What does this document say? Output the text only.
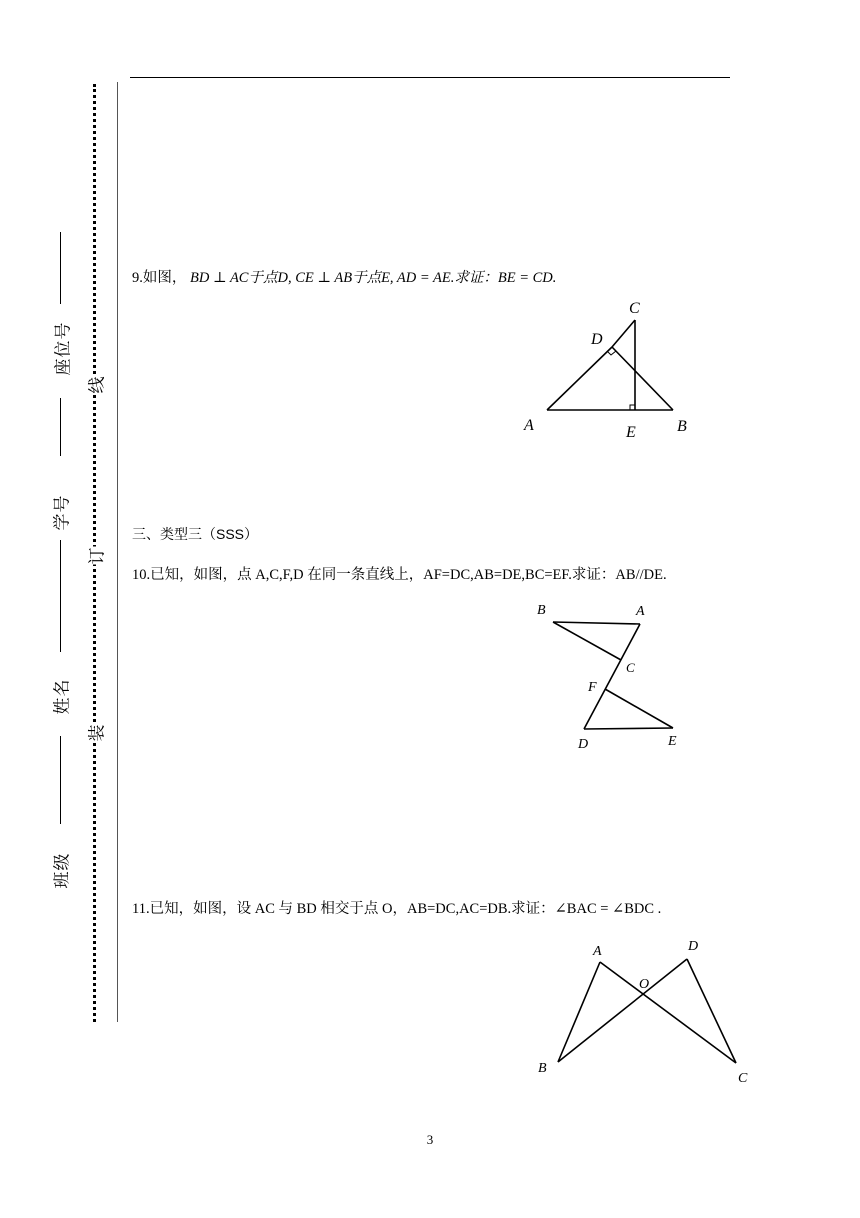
座位号
学号
姓名
班级
线
订
装
9.如图， BD ⊥ AC于点D, CE ⊥ AB于点E, AD = AE.求证：BE = CD.
C
D
A	E	B
三、类型三（SSS）
10.已知，如图，点 A,C,F,D 在同一条直线上，AF=DC,AB=DE,BC=EF.求证：AB//DE.
B	A
C
F
D	E
11.已知，如图，设 AC 与 BD 相交于点 O，AB=DC,AC=DB.求证：∠BAC = ∠BDC .
A	D
O
B
C
3
